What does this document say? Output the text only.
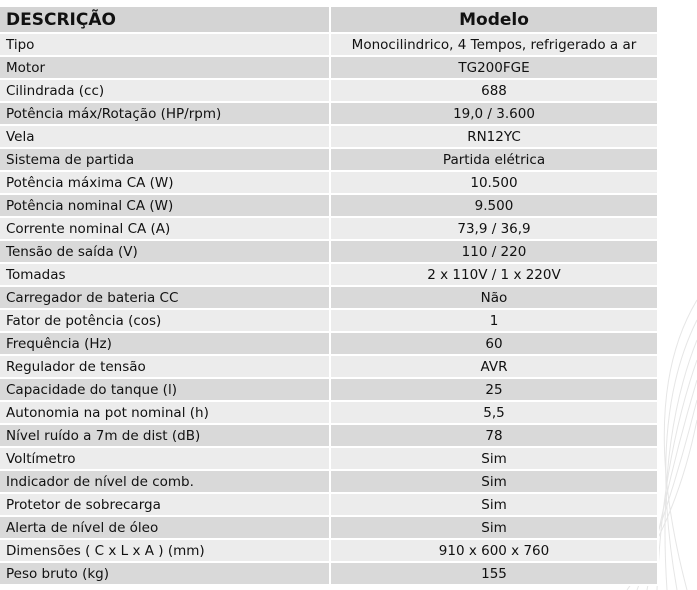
DESCRIÇÃO	Modelo
Tipo	Monocilindrico, 4 Tempos, refrigerado a ar
Motor	TG200FGE
Cilindrada (cc)	688
Potência máx/Rotação (HP/rpm)	19,0 / 3.600
Vela	RN12YC
Sistema de partida	Partida elétrica
Potência máxima CA (W)	10.500
Potência nominal CA (W)	9.500
Corrente nominal CA (A)	73,9 / 36,9
Tensão de saída (V)	110 / 220
Tomadas	2 x 110V / 1 x 220V
Carregador de bateria CC	Não
Fator de potência (cos)	1
Frequência (Hz)	60
Regulador de tensão	AVR
Capacidade do tanque (l)	25
Autonomia na pot nominal (h)	5,5
Nível ruído a 7m de dist (dB)	78
Voltímetro	Sim
Indicador de nível de comb.	Sim
Protetor de sobrecarga	Sim
Alerta de nível de óleo	Sim
Dimensões ( C x L x A ) (mm)	910 x 600 x 760
Peso bruto (kg)	155
